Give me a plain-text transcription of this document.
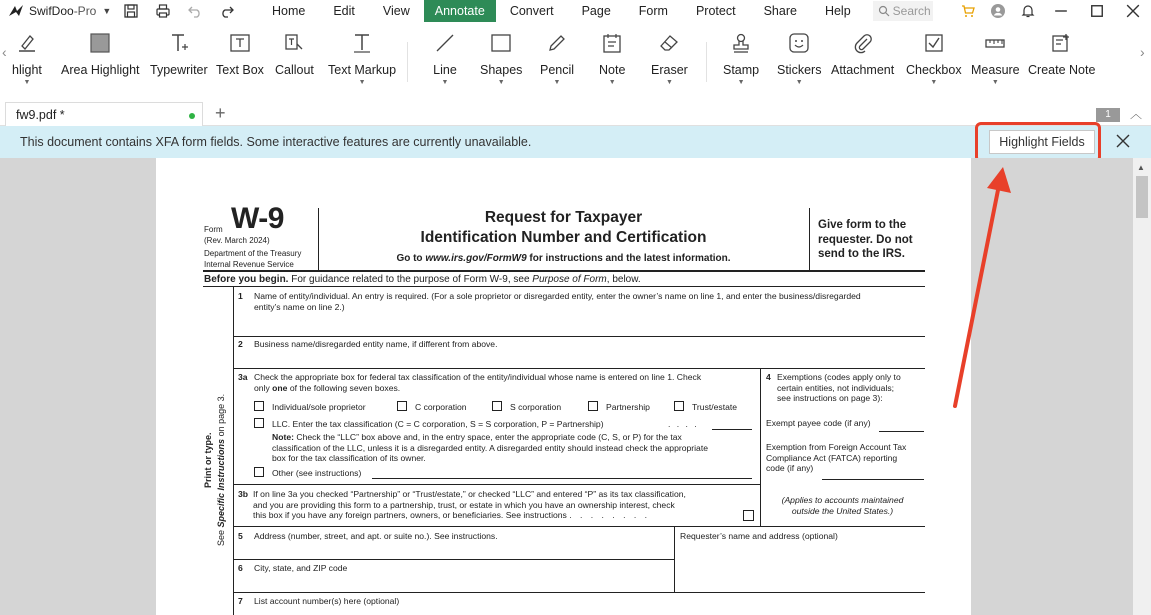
SwifDoo-Pro ▼	Home	Edit	View	Annotate	Convert	Page	Form	Protect	Share	Help	Search
‹	›
hlight
▼
Area Highlight Typewriter Text Box Callout Text Markup
▼
Line
▼
Shapes
▼
Pencil
▼
Note
▼
Eraser
▼
Stamp
▼
Stickers
▼
Attachment Checkbox
▼
Measure
▼
Create Note
fw9.pdf *	+	1	︿
This document contains XFA form fields. Some interactive features are currently unavailable.	Highlight Fields
▲
Form W-9
(Rev. March 2024)
Department of the Treasury
Internal Revenue Service
Request for Taxpayer
Identification Number and Certification
Go to www.irs.gov/FormW9 for instructions and the latest information.
Give form to the
requester. Do not
send to the IRS.
Before you begin. For guidance related to the purpose of Form W-9, see Purpose of Form, below.
Print or type.
See Specific Instructions on page 3.
1 Name of entity/individual. An entry is required. (For a sole proprietor or disregarded entity, enter the owner’s name on line 1, and enter the business/disregarded
entity’s name on line 2.)
2 Business name/disregarded entity name, if different from above.
3a Check the appropriate box for federal tax classification of the entity/individual whose name is entered on line 1. Check
only one of the following seven boxes.
Individual/sole proprietor	C corporation	S corporation	Partnership	Trust/estate
LLC. Enter the tax classification (C = C corporation, S = S corporation, P = Partnership)	. . . .
Note: Check the “LLC” box above and, in the entry space, enter the appropriate code (C, S, or P) for the tax
classification of the LLC, unless it is a disregarded entity. A disregarded entity should instead check the appropriate
box for the tax classification of its owner.
Other (see instructions)
4 Exemptions (codes apply only to
certain entities, not individuals;
see instructions on page 3):
Exempt payee code (if any)
Exemption from Foreign Account Tax
Compliance Act (FATCA) reporting
code (if any)
3b If on line 3a you checked “Partnership” or “Trust/estate,” or checked “LLC” and entered “P” as its tax classification,
and you are providing this form to a partnership, trust, or estate in which you have an ownership interest, check
this box if you have any foreign partners, owners, or beneficiaries. See instructions . . . . . . . .
(Applies to accounts maintained
outside the United States.)
5 Address (number, street, and apt. or suite no.). See instructions.	Requester’s name and address (optional)
6 City, state, and ZIP code
7 List account number(s) here (optional)
